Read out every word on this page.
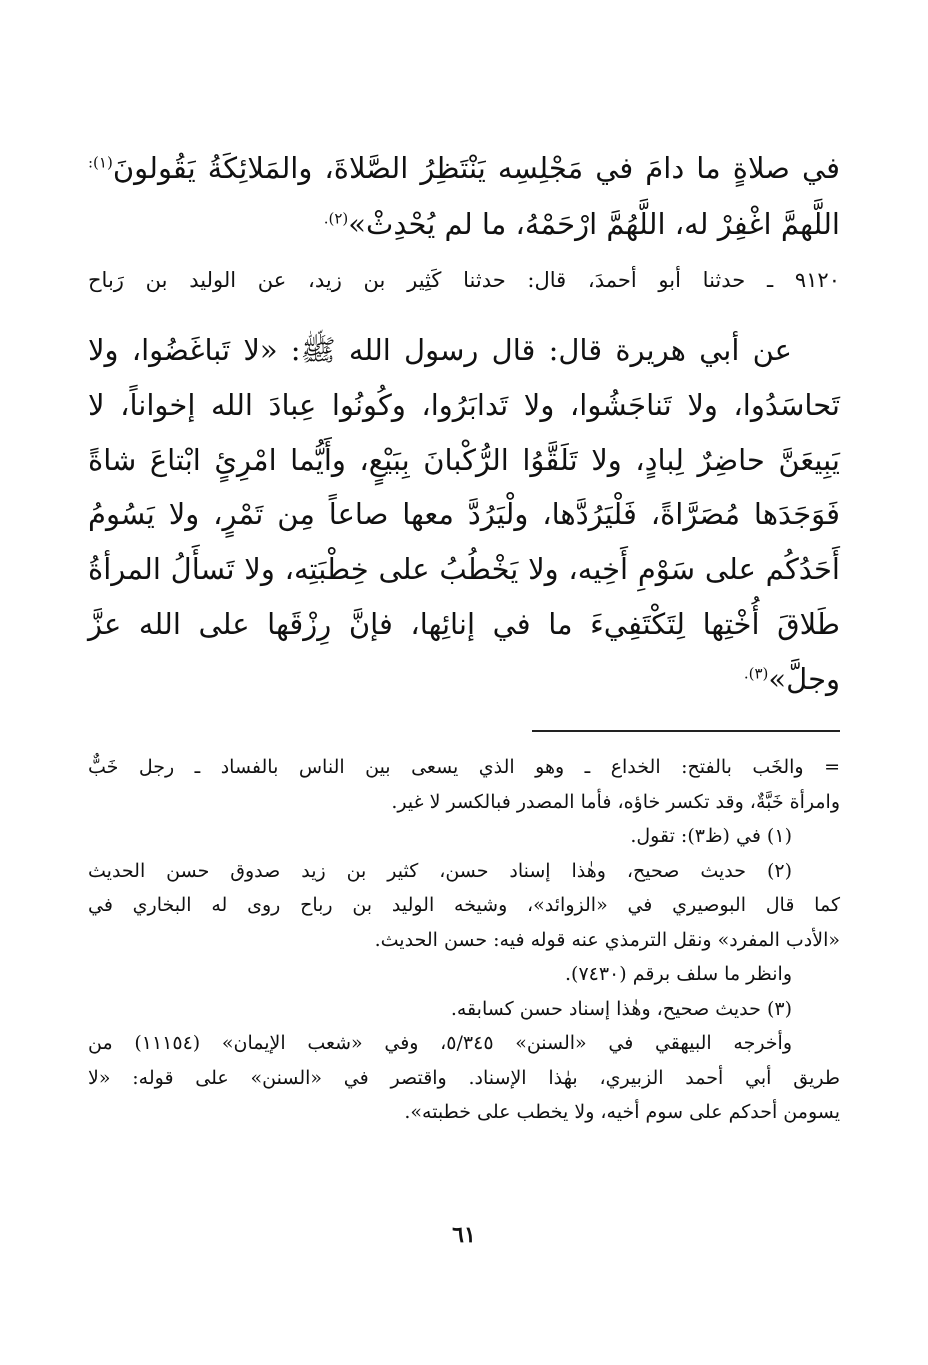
في صلاةٍ ما دامَ في مَجْلِسِه يَنْتَظِرُ الصَّلاةَ، والمَلائِكَةُ يَقُولونَ$^{(١):}$
اللَّهمَّ اغْفِرْ له، اللَّهُمَّ ارْحَمْهُ، ما لم يُحْدِثْ»$^{(٢).}$
٩١٢٠ ـ حدثنا أبو أحمدَ، قال: حدثنا كَثِير بن زيد، عن الوليد بن رَباح
عن أبي هريرة قال: قال رسول الله ﷺ: «لا تَباغَضُوا، ولا
تَحاسَدُوا، ولا تَناجَشُوا، ولا تَدابَرُوا، وكُونُوا عِبادَ الله إخواناً، لا
يَبِيعَنَّ حاضِرٌ لِبادٍ، ولا تَلَقَّوُا الرُّكْبانَ بِبَيْعٍ، وأَيُّما امْرِئٍ ابْتاعَ شاةً
فَوَجَدَها مُصَرَّاةً، فَلْيَرُدَّها، ولْيَرُدَّ معها صاعاً مِن تَمْرٍ، ولا يَسُومُ
أَحَدُكُم على سَوْمِ أَخِيه، ولا يَخْطُبُ على خِطْبَتِه، ولا تَسأَلُ المرأةُ
طَلاقَ أُخْتِها لِتَكْتَفِيءَ ما في إنائِها، فإنَّ رِزْقَها على الله عزَّ
وجلَّ»$^{(٣).}$
= والخَب بالفتح: الخداع ـ وهو الذي يسعى بين الناس بالفساد ـ رجل خَبٌّ
وامرأة خَبَّةٌ، وقد تكسر خاؤه، فأما المصدر فبالكسر لا غير.
(١) في (ظ٣): تقول.
(٢) حديث صحيح، وهٰذا إسناد حسن، كثير بن زيد صدوق حسن الحديث
كما قال البوصيري في «الزوائد»، وشيخه الوليد بن رباح روى له البخاري في
«الأدب المفرد» ونقل الترمذي عنه قوله فيه: حسن الحديث.
وانظر ما سلف برقم (٧٤٣٠).
(٣) حديث صحيح، وهٰذا إسناد حسن كسابقه.
وأخرجه البيهقي في «السنن» ٥/٣٤٥، وفي «شعب الإيمان» (١١١٥٤) من
طريق أبي أحمد الزبيري، بهٰذا الإسناد. واقتصر في «السنن» على قوله: «لا
يسومن أحدكم على سوم أخيه، ولا يخطب على خطبته».
٦١
